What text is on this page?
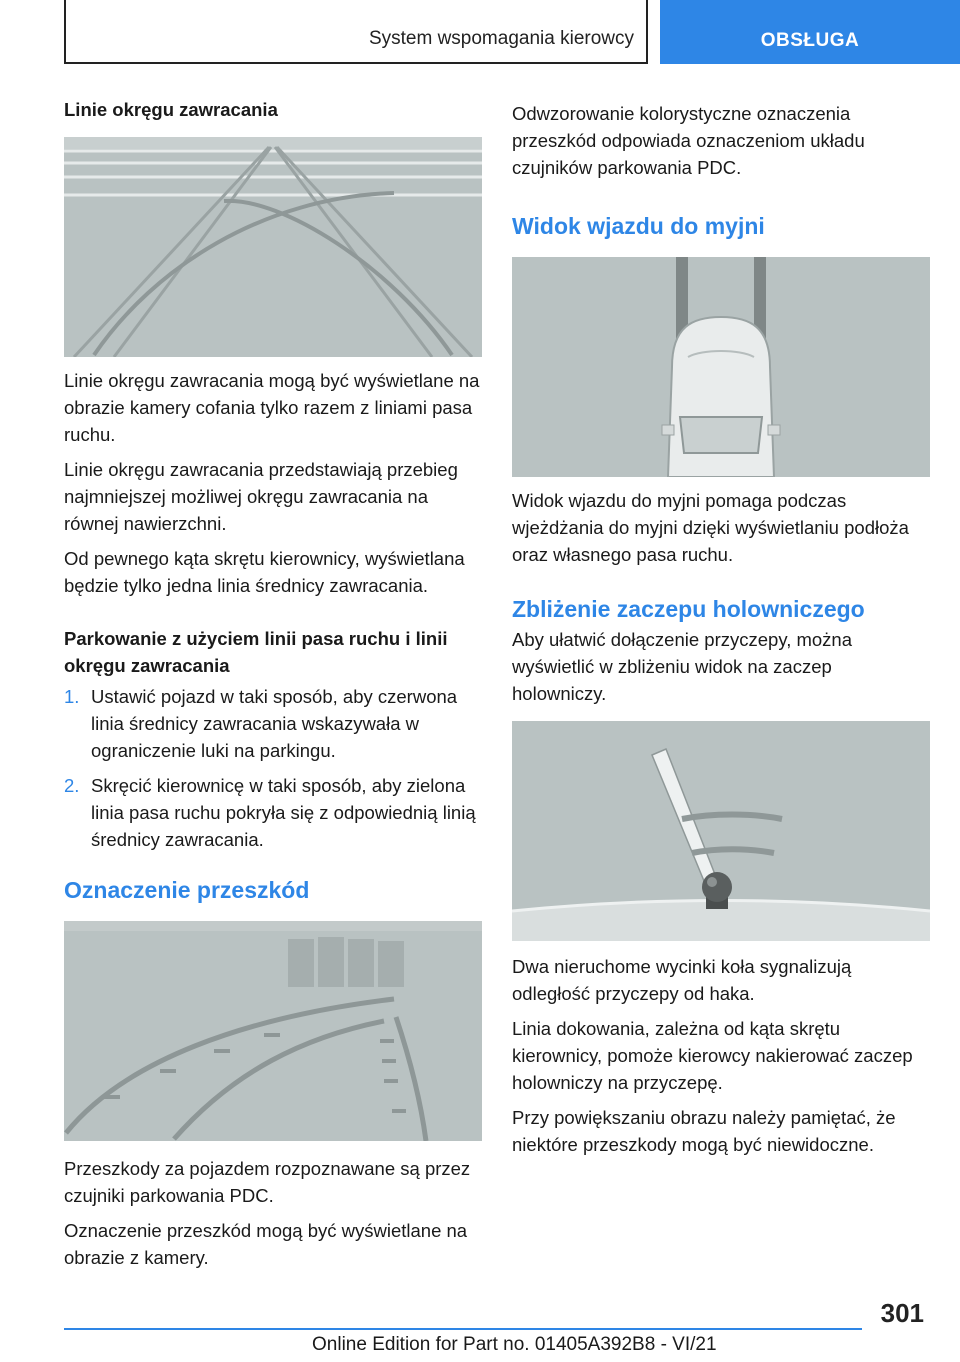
System wspomagania kierowcy	OBSŁUGA
Linie okręgu zawracania

Linie okręgu zawracania mogą być wyświetlane na obrazie kamery cofania tylko razem z liniami pasa ruchu.

Linie okręgu zawracania przedstawiają przebieg najmniejszej możliwej okręgu zawracania na równej nawierzchni.

Od pewnego kąta skrętu kierownicy, wyświetlana będzie tylko jedna linia średnicy zawracania.

Parkowanie z użyciem linii pasa ruchu i linii okręgu zawracania
1. Ustawić pojazd w taki sposób, aby czerwona linia średnicy zawracania wskazywała w ograniczenie luki na parkingu.
2. Skręcić kierownicę w taki sposób, aby zielona linia pasa ruchu pokryła się z odpowiednią linią średnicy zawracania.
Oznaczenie przeszkód

Przeszkody za pojazdem rozpoznawane są przez czujniki parkowania PDC.

Oznaczenie przeszkód mogą być wyświetlane na obrazie z kamery.

Odwzorowanie kolorystyczne oznaczenia przeszkód odpowiada oznaczeniom układu czujników parkowania PDC.

Widok wjazdu do myjni

Widok wjazdu do myjni pomaga podczas wjeżdżania do myjni dzięki wyświetlaniu podłoża oraz własnego pasa ruchu.

Zbliżenie zaczepu holowniczego

Aby ułatwić dołączenie przyczepy, można wyświetlić w zbliżeniu widok na zaczep holowniczy.

Dwa nieruchome wycinki koła sygnalizują odległość przyczepy od haka.

Linia dokowania, zależna od kąta skrętu kierownicy, pomoże kierowcy nakierować zaczep holowniczy na przyczepę.

Przy powiększaniu obrazu należy pamiętać, że niektóre przeszkody mogą być niewidoczne.

301
Online Edition for Part no. 01405A392B8 - VI/21
